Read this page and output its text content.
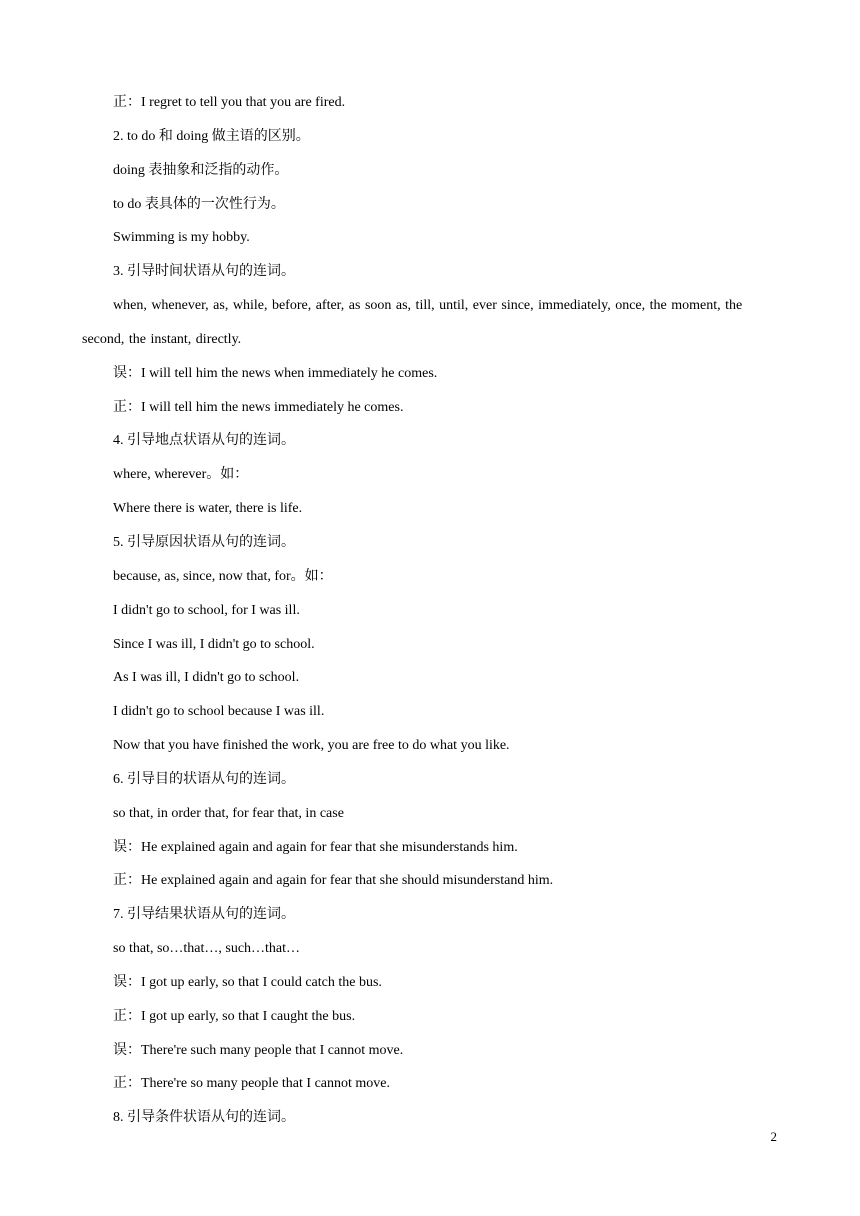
正：I regret to tell you that you are fired.
2. to do 和 doing 做主语的区别。
doing 表抽象和泛指的动作。
to do 表具体的一次性行为。
Swimming is my hobby.
3. 引导时间状语从句的连词。
when, whenever, as, while, before, after, as soon as, till, until, ever since, immediately, once, the moment, the second, the instant, directly.
误：I will tell him the news when immediately he comes.
正：I will tell him the news immediately he comes.
4. 引导地点状语从句的连词。
where, wherever。如：
Where there is water, there is life.
5. 引导原因状语从句的连词。
because, as, since, now that, for。如：
I didn't go to school, for I was ill.
Since I was ill, I didn't go to school.
As I was ill, I didn't go to school.
I didn't go to school because I was ill.
Now that you have finished the work, you are free to do what you like.
6. 引导目的状语从句的连词。
so that, in order that, for fear that, in case
误：He explained again and again for fear that she misunderstands him.
正：He explained again and again for fear that she should misunderstand him.
7. 引导结果状语从句的连词。
so that, so…that…, such…that…
误：I got up early, so that I could catch the bus.
正：I got up early, so that I caught the bus.
误：There're such many people that I cannot move.
正：There're so many people that I cannot move.
8. 引导条件状语从句的连词。
2
